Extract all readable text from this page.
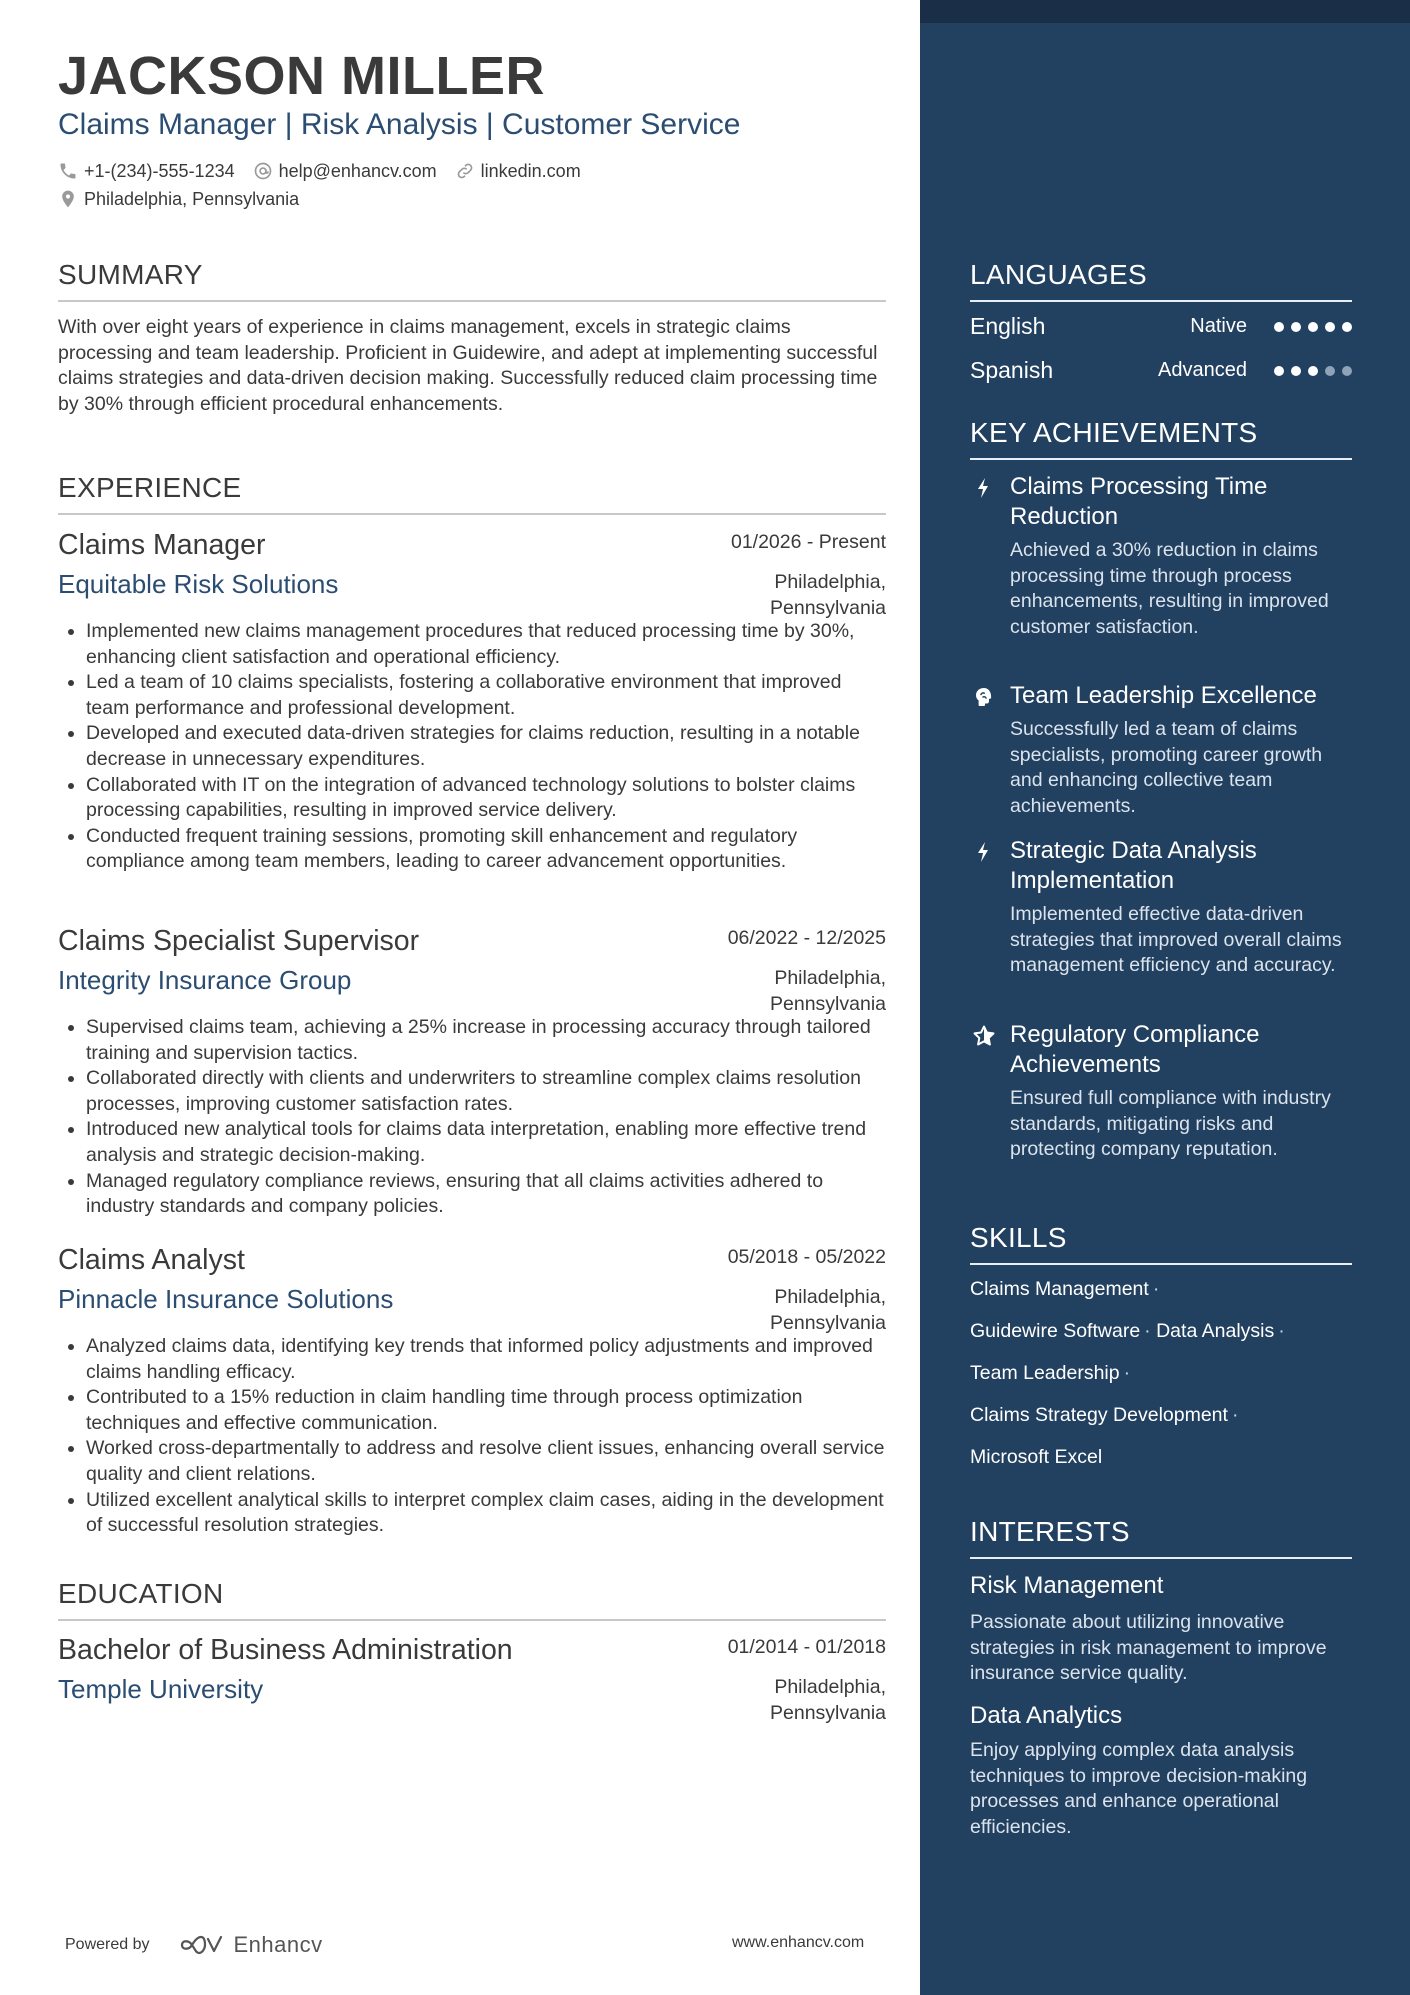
JACKSON MILLER
Claims Manager | Risk Analysis | Customer Service
+1-(234)-555-1234 help@enhancv.com linkedin.com
Philadelphia, Pennsylvania
SUMMARY
With over eight years of experience in claims management, excels in strategic claims processing and team leadership. Proficient in Guidewire, and adept at implementing successful claims strategies and data-driven decision making. Successfully reduced claim processing time by 30% through efficient procedural enhancements.
EXPERIENCE
Claims Manager	01/2026 - Present
Equitable Risk Solutions	Philadelphia,
Pennsylvania
• Implemented new claims management procedures that reduced processing time by 30%, enhancing client satisfaction and operational efficiency.
• Led a team of 10 claims specialists, fostering a collaborative environment that improved team performance and professional development.
• Developed and executed data-driven strategies for claims reduction, resulting in a notable decrease in unnecessary expenditures.
• Collaborated with IT on the integration of advanced technology solutions to bolster claims processing capabilities, resulting in improved service delivery.
• Conducted frequent training sessions, promoting skill enhancement and regulatory compliance among team members, leading to career advancement opportunities.
Claims Specialist Supervisor	06/2022 - 12/2025
Integrity Insurance Group	Philadelphia,
Pennsylvania
• Supervised claims team, achieving a 25% increase in processing accuracy through tailored training and supervision tactics.
• Collaborated directly with clients and underwriters to streamline complex claims resolution processes, improving customer satisfaction rates.
• Introduced new analytical tools for claims data interpretation, enabling more effective trend analysis and strategic decision-making.
• Managed regulatory compliance reviews, ensuring that all claims activities adhered to industry standards and company policies.
Claims Analyst	05/2018 - 05/2022
Pinnacle Insurance Solutions	Philadelphia,
Pennsylvania
• Analyzed claims data, identifying key trends that informed policy adjustments and improved claims handling efficacy.
• Contributed to a 15% reduction in claim handling time through process optimization techniques and effective communication.
• Worked cross-departmentally to address and resolve client issues, enhancing overall service quality and client relations.
• Utilized excellent analytical skills to interpret complex claim cases, aiding in the development of successful resolution strategies.
EDUCATION
Bachelor of Business Administration	01/2014 - 01/2018
Temple University	Philadelphia,
Pennsylvania
Powered by	Enhancv	www.enhancv.com
LANGUAGES
English	Native
Spanish	Advanced
KEY ACHIEVEMENTS
Claims Processing Time Reduction
Achieved a 30% reduction in claims processing time through process enhancements, resulting in improved customer satisfaction.
Team Leadership Excellence
Successfully led a team of claims specialists, promoting career growth and enhancing collective team achievements.
Strategic Data Analysis Implementation
Implemented effective data-driven strategies that improved overall claims management efficiency and accuracy.
Regulatory Compliance Achievements
Ensured full compliance with industry standards, mitigating risks and protecting company reputation.
SKILLS
Claims Management ·
Guidewire Software · Data Analysis ·
Team Leadership ·
Claims Strategy Development ·
Microsoft Excel
INTERESTS
Risk Management
Passionate about utilizing innovative strategies in risk management to improve insurance service quality.
Data Analytics
Enjoy applying complex data analysis techniques to improve decision-making processes and enhance operational efficiencies.
